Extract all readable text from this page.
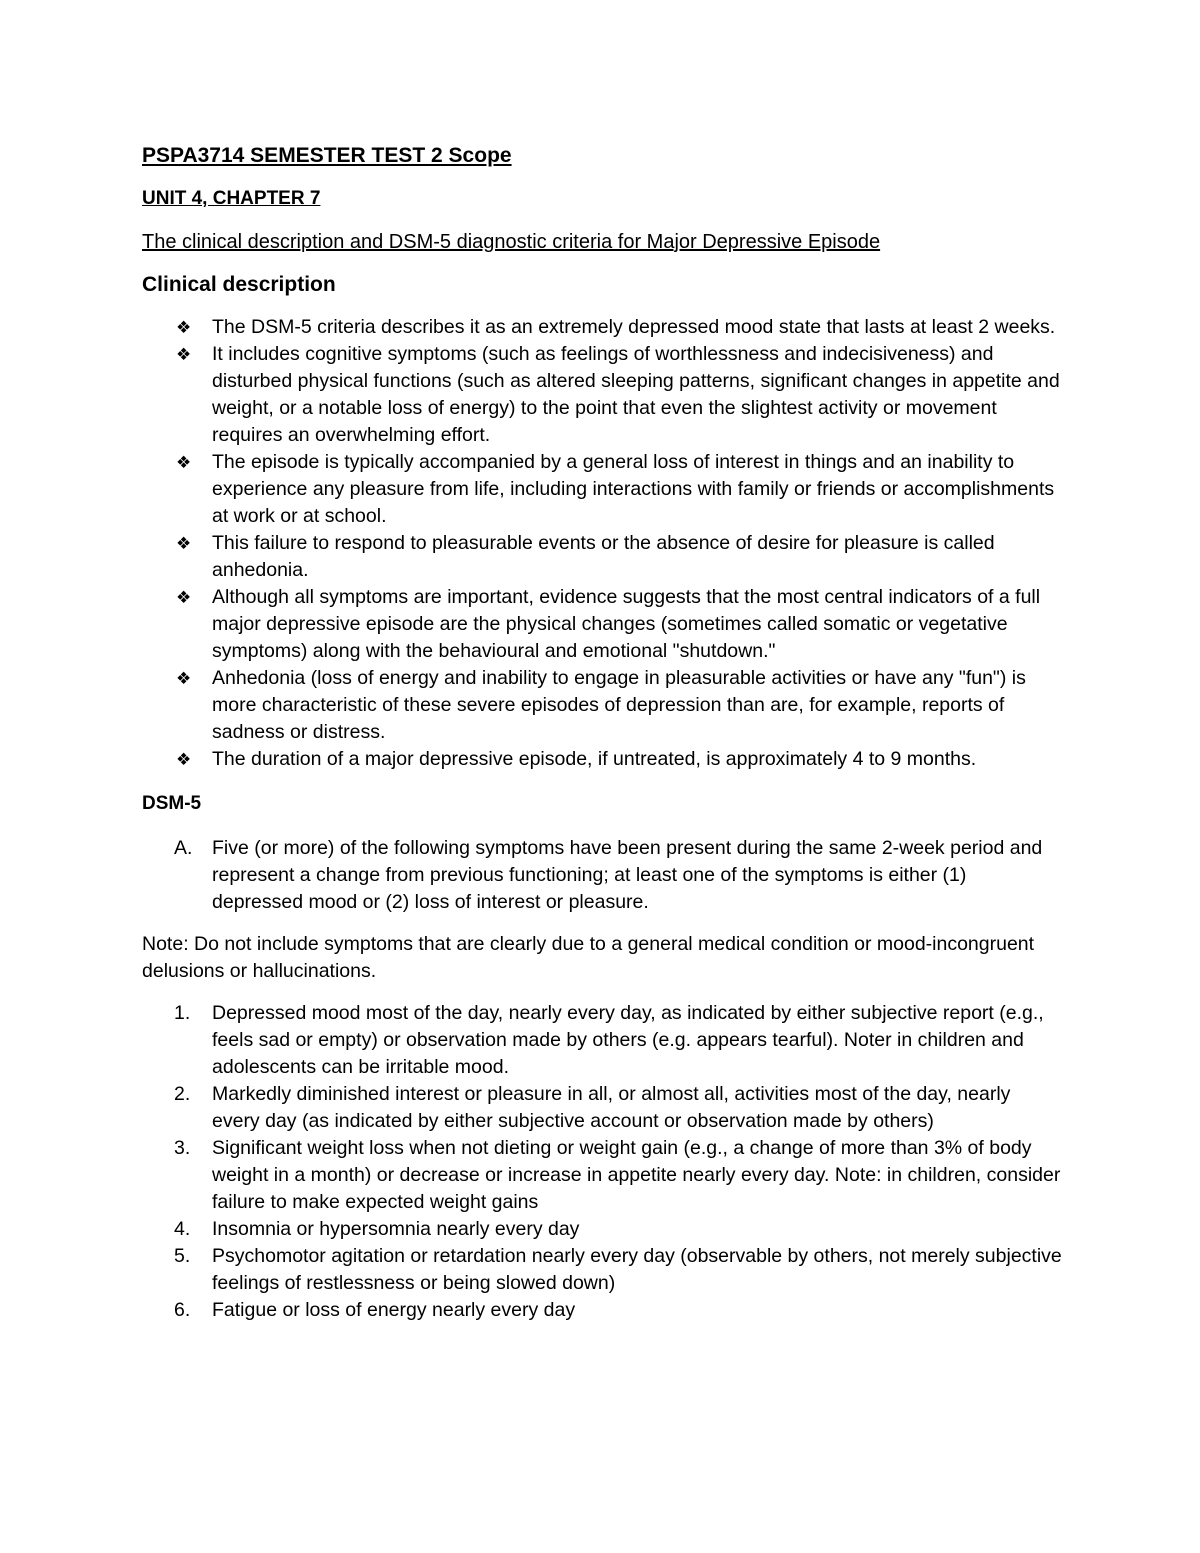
PSPA3714 SEMESTER TEST 2 Scope
UNIT 4, CHAPTER 7
The clinical description and DSM-5 diagnostic criteria for Major Depressive Episode
Clinical description
❖	The DSM-5 criteria describes it as an extremely depressed mood state that lasts at least 2 weeks.
❖	It includes cognitive symptoms (such as feelings of worthlessness and indecisiveness) and disturbed physical functions (such as altered sleeping patterns, significant changes in appetite and weight, or a notable loss of energy) to the point that even the slightest activity or movement requires an overwhelming effort.
❖	The episode is typically accompanied by a general loss of interest in things and an inability to experience any pleasure from life, including interactions with family or friends or accomplishments at work or at school.
❖	This failure to respond to pleasurable events or the absence of desire for pleasure is called anhedonia.
❖	Although all symptoms are important, evidence suggests that the most central indicators of a full major depressive episode are the physical changes (sometimes called somatic or vegetative symptoms) along with the behavioural and emotional "shutdown."
❖	Anhedonia (loss of energy and inability to engage in pleasurable activities or have any "fun") is more characteristic of these severe episodes of depression than are, for example, reports of sadness or distress.
❖	The duration of a major depressive episode, if untreated, is approximately 4 to 9 months.
DSM-5
A.	Five (or more) of the following symptoms have been present during the same 2-week period and represent a change from previous functioning; at least one of the symptoms is either (1) depressed mood or (2) loss of interest or pleasure.

Note: Do not include symptoms that are clearly due to a general medical condition or mood-incongruent delusions or hallucinations.

1.	Depressed mood most of the day, nearly every day, as indicated by either subjective report (e.g., feels sad or empty) or observation made by others (e.g. appears tearful). Noter in children and adolescents can be irritable mood.
2.	Markedly diminished interest or pleasure in all, or almost all, activities most of the day, nearly every day (as indicated by either subjective account or observation made by others)
3.	Significant weight loss when not dieting or weight gain (e.g., a change of more than 3% of body weight in a month) or decrease or increase in appetite nearly every day. Note: in children, consider failure to make expected weight gains
4.	Insomnia or hypersomnia nearly every day
5.	Psychomotor agitation or retardation nearly every day (observable by others, not merely subjective feelings of restlessness or being slowed down)
6.	Fatigue or loss of energy nearly every day
